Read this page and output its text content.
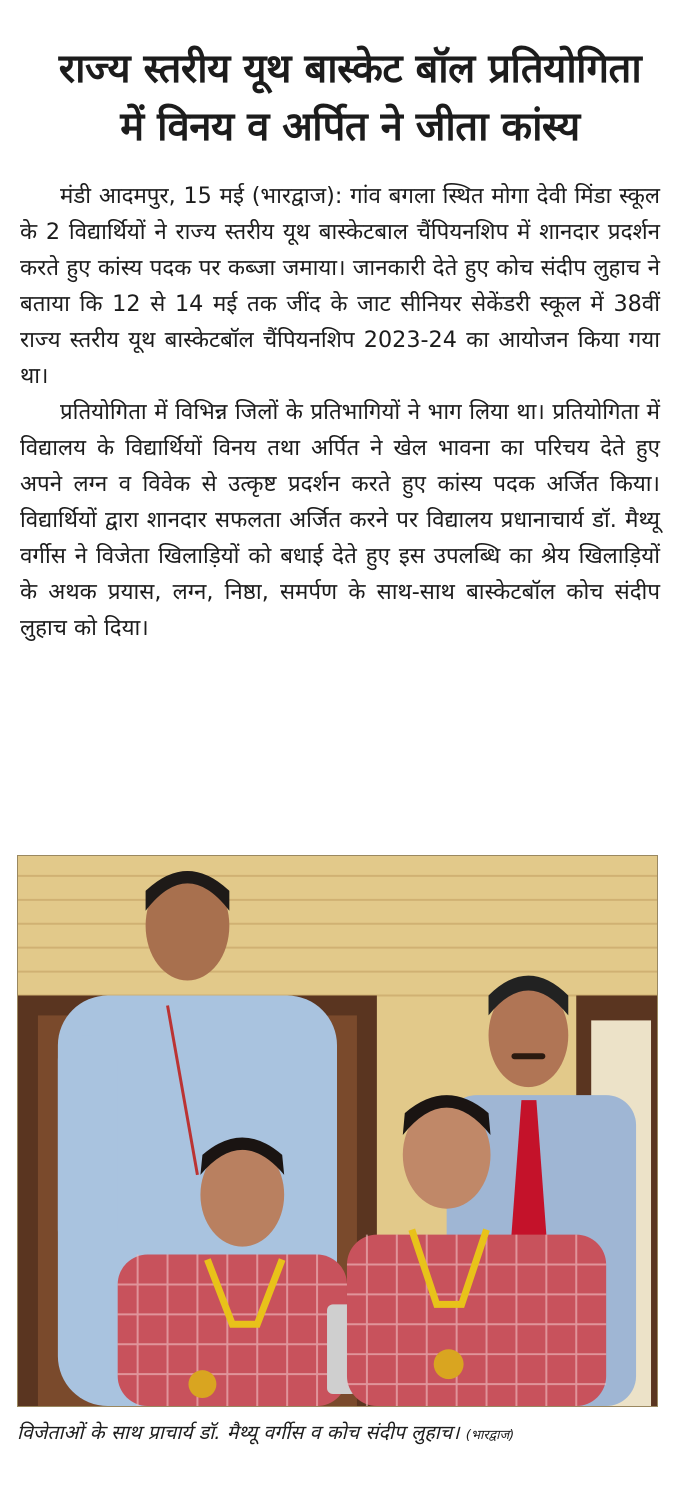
राज्य स्तरीय यूथ बास्केट बॉल प्रतियोगिता
में विनय व अर्पित ने जीता कांस्य

मंडी आदमपुर, 15 मई (भारद्वाज): गांव बगला स्थित मोगा देवी मिंडा स्कूल के 2 विद्यार्थियों ने राज्य स्तरीय यूथ बास्केटबाल चैंपियनशिप में शानदार प्रदर्शन करते हुए कांस्य पदक पर कब्जा जमाया। जानकारी देते हुए कोच संदीप लुहाच ने बताया कि 12 से 14 मई तक जींद के जाट सीनियर सेकेंडरी स्कूल में 38वीं राज्य स्तरीय यूथ बास्केटबॉल चैंपियनशिप 2023-24 का आयोजन किया गया था।

प्रतियोगिता में विभिन्न जिलों के प्रतिभागियों ने भाग लिया था। प्रतियोगिता में विद्यालय के विद्यार्थियों विनय तथा अर्पित ने खेल भावना का परिचय देते हुए अपने लग्न व विवेक से उत्कृष्ट प्रदर्शन करते हुए कांस्य पदक अर्जित किया। विद्यार्थियों द्वारा शानदार सफलता अर्जित करने पर विद्यालय प्रधानाचार्य डॉ. मैथ्यू वर्गीस ने विजेता खिलाड़ियों को बधाई देते हुए इस उपलब्धि का श्रेय खिलाड़ियों के अथक प्रयास, लग्न, निष्ठा, समर्पण के साथ-साथ बास्केटबॉल कोच संदीप लुहाच को दिया।

विजेताओं के साथ प्राचार्य डॉ. मैथ्यू वर्गीस व कोच संदीप लुहाच। (भारद्वाज)
